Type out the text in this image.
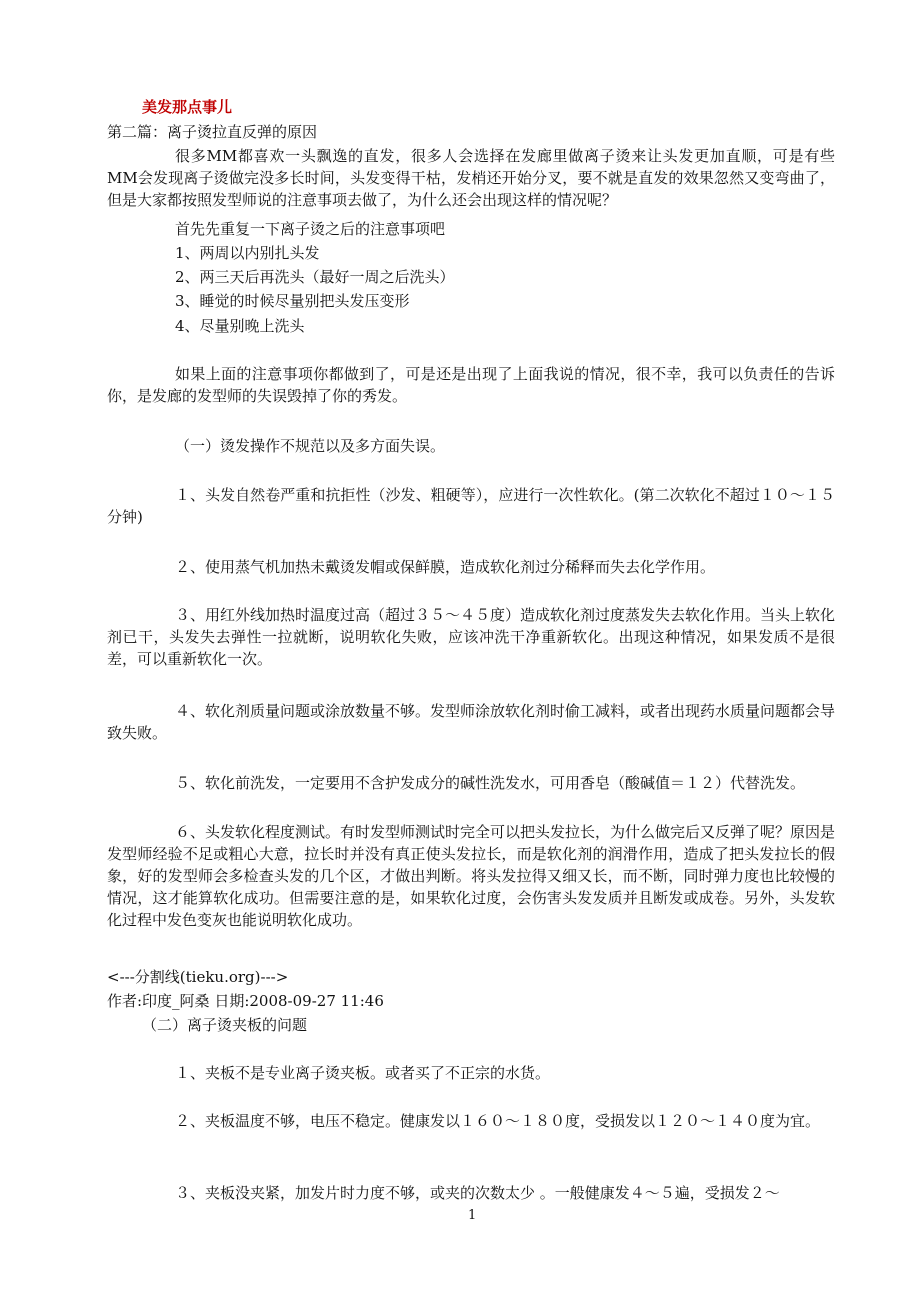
美发那点事儿
第二篇：离子烫拉直反弹的原因
很多MM都喜欢一头飘逸的直发，很多人会选择在发廊里做离子烫来让头发更加直顺，可是有些MM会发现离子烫做完没多长时间，头发变得干枯，发梢还开始分叉，要不就是直发的效果忽然又变弯曲了，但是大家都按照发型师说的注意事项去做了，为什么还会出现这样的情况呢？
首先先重复一下离子烫之后的注意事项吧
1、两周以内别扎头发
2、两三天后再洗头（最好一周之后洗头）
3、睡觉的时候尽量别把头发压变形
4、尽量别晚上洗头
如果上面的注意事项你都做到了，可是还是出现了上面我说的情况，很不幸，我可以负责任的告诉你，是发廊的发型师的失误毁掉了你的秀发。
（一）烫发操作不规范以及多方面失误。
１、头发自然卷严重和抗拒性（沙发、粗硬等），应进行一次性软化。(第二次软化不超过１０～１５分钟)
２、使用蒸气机加热未戴烫发帽或保鲜膜，造成软化剂过分稀释而失去化学作用。
３、用红外线加热时温度过高（超过３５～４５度）造成软化剂过度蒸发失去软化作用。当头上软化剂已干，头发失去弹性一拉就断，说明软化失败，应该冲洗干净重新软化。出现这种情况，如果发质不是很差，可以重新软化一次。
４、软化剂质量问题或涂放数量不够。发型师涂放软化剂时偷工减料，或者出现药水质量问题都会导致失败。
５、软化前洗发，一定要用不含护发成分的碱性洗发水，可用香皂（酸碱值＝１２）代替洗发。
６、头发软化程度测试。有时发型师测试时完全可以把头发拉长，为什么做完后又反弹了呢？原因是发型师经验不足或粗心大意，拉长时并没有真正使头发拉长，而是软化剂的润滑作用，造成了把头发拉长的假象，好的发型师会多检查头发的几个区，才做出判断。将头发拉得又细又长，而不断，同时弹力度也比较慢的情况，这才能算软化成功。但需要注意的是，如果软化过度，会伤害头发发质并且断发或成卷。另外，头发软化过程中发色变灰也能说明软化成功。
<---分割线(tieku.org)--->
作者:印度_阿桑 日期:2008-09-27 11:46
（二）离子烫夹板的问题
１、夹板不是专业离子烫夹板。或者买了不正宗的水货。
２、夹板温度不够，电压不稳定。健康发以１６０～１８０度，受损发以１２０～１４０度为宜。
３、夹板没夹紧，加发片时力度不够，或夹的次数太少 。一般健康发４～５遍，受损发２～
1
